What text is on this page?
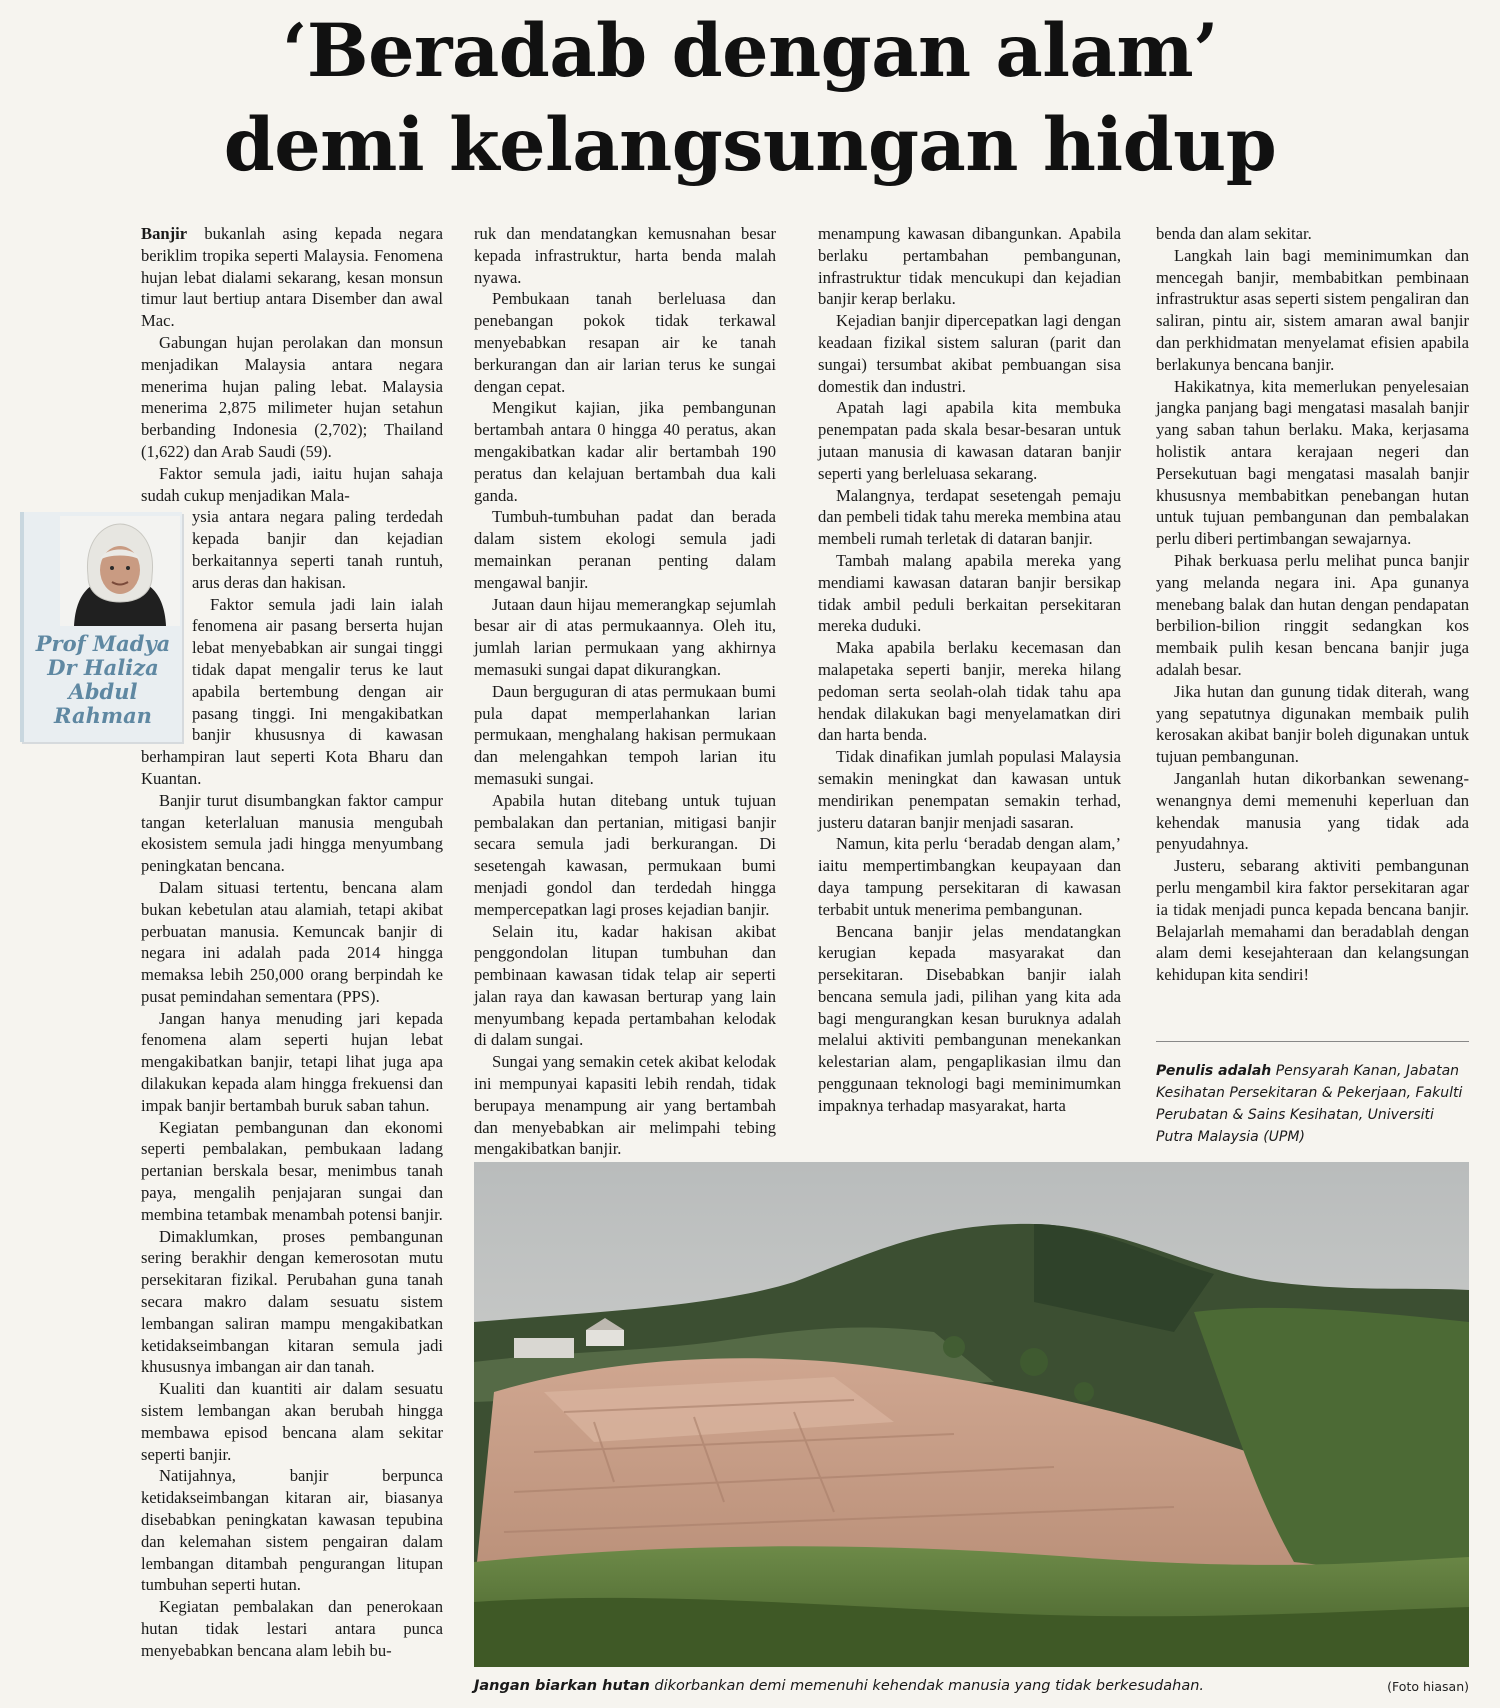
‘Beradab dengan alam’
demi kelangsungan hidup

Banjir bukanlah asing kepada negara beriklim tropika seperti Malaysia. Fenomena hujan lebat dialami sekarang, kesan monsun timur laut bertiup antara Disember dan awal Mac.

Gabungan hujan perolakan dan monsun menjadikan Malaysia antara negara menerima hujan paling lebat. Malaysia menerima 2,875 milimeter hujan setahun berbanding Indonesia (2,702); Thailand (1,622) dan Arab Saudi (59).

Faktor semula jadi, iaitu hujan sahaja sudah cukup menjadikan Mala-

Prof Madya
Dr Haliza
Abdul
Rahman

ysia antara negara paling terdedah kepada banjir dan kejadian berkaitannya seperti tanah runtuh, arus deras dan hakisan.

Faktor semula jadi lain ialah fenomena air pasang berserta hujan lebat menyebabkan air sungai tinggi tidak dapat mengalir terus ke laut apabila bertembung dengan air pasang tinggi. Ini mengakibatkan banjir khususnya di kawasan berhampiran laut seperti Kota Bharu dan Kuantan.

Banjir turut disumbangkan faktor campur tangan keterlaluan manusia mengubah ekosistem semula jadi hingga menyumbang peningkatan bencana.

Dalam situasi tertentu, bencana alam bukan kebetulan atau alamiah, tetapi akibat perbuatan manusia. Kemuncak banjir di negara ini adalah pada 2014 hingga memaksa lebih 250,000 orang berpindah ke pusat pemindahan sementara (PPS).

Jangan hanya menuding jari kepada fenomena alam seperti hujan lebat mengakibatkan banjir, tetapi lihat juga apa dilakukan kepada alam hingga frekuensi dan impak banjir bertambah buruk saban tahun.

Kegiatan pembangunan dan ekonomi seperti pembalakan, pembukaan ladang pertanian berskala besar, menimbus tanah paya, mengalih penjajaran sungai dan membina tetambak menambah potensi banjir.

Dimaklumkan, proses pembangunan sering berakhir dengan kemerosotan mutu persekitaran fizikal. Perubahan guna tanah secara makro dalam sesuatu sistem lembangan saliran mampu mengakibatkan ketidakseimbangan kitaran semula jadi khususnya imbangan air dan tanah.

Kualiti dan kuantiti air dalam sesuatu sistem lembangan akan berubah hingga membawa episod bencana alam sekitar seperti banjir.

Natijahnya, banjir berpunca ketidakseimbangan kitaran air, biasanya disebabkan peningkatan kawasan tepubina dan kelemahan sistem pengairan dalam lembangan ditambah pengurangan litupan tumbuhan seperti hutan.

Kegiatan pembalakan dan penerokaan hutan tidak lestari antara punca menyebabkan bencana alam lebih bu-

ruk dan mendatangkan kemusnahan besar kepada infrastruktur, harta benda malah nyawa.

Pembukaan tanah berleluasa dan penebangan pokok tidak terkawal menyebabkan resapan air ke tanah berkurangan dan air larian terus ke sungai dengan cepat.

Mengikut kajian, jika pembangunan bertambah antara 0 hingga 40 peratus, akan mengakibatkan kadar alir bertambah 190 peratus dan kelajuan bertambah dua kali ganda.

Tumbuh-tumbuhan padat dan berada dalam sistem ekologi semula jadi memainkan peranan penting dalam mengawal banjir.

Jutaan daun hijau memerangkap sejumlah besar air di atas permukaannya. Oleh itu, jumlah larian permukaan yang akhirnya memasuki sungai dapat dikurangkan.

Daun berguguran di atas permukaan bumi pula dapat memperlahankan larian permukaan, menghalang hakisan permukaan dan melengahkan tempoh larian itu memasuki sungai.

Apabila hutan ditebang untuk tujuan pembalakan dan pertanian, mitigasi banjir secara semula jadi berkurangan. Di sesetengah kawasan, permukaan bumi menjadi gondol dan terdedah hingga mempercepatkan lagi proses kejadian banjir.

Selain itu, kadar hakisan akibat penggondolan litupan tumbuhan dan pembinaan kawasan tidak telap air seperti jalan raya dan kawasan berturap yang lain menyumbang kepada pertambahan kelodak di dalam sungai.

Sungai yang semakin cetek akibat kelodak ini mempunyai kapasiti lebih rendah, tidak berupaya menampung air yang bertambah dan menyebabkan air melimpahi tebing mengakibatkan banjir.

menampung kawasan dibangunkan. Apabila berlaku pertambahan pembangunan, infrastruktur tidak mencukupi dan kejadian banjir kerap berlaku.

Kejadian banjir dipercepatkan lagi dengan keadaan fizikal sistem saluran (parit dan sungai) tersumbat akibat pembuangan sisa domestik dan industri.

Apatah lagi apabila kita membuka penempatan pada skala besar-besaran untuk jutaan manusia di kawasan dataran banjir seperti yang berleluasa sekarang.

Malangnya, terdapat sesetengah pemaju dan pembeli tidak tahu mereka membina atau membeli rumah terletak di dataran banjir.

Tambah malang apabila mereka yang mendiami kawasan dataran banjir bersikap tidak ambil peduli berkaitan persekitaran mereka duduki.

Maka apabila berlaku kecemasan dan malapetaka seperti banjir, mereka hilang pedoman serta seolah-olah tidak tahu apa hendak dilakukan bagi menyelamatkan diri dan harta benda.

Tidak dinafikan jumlah populasi Malaysia semakin meningkat dan kawasan untuk mendirikan penempatan semakin terhad, justeru dataran banjir menjadi sasaran.

Namun, kita perlu ‘beradab dengan alam,’ iaitu mempertimbangkan keupayaan dan daya tampung persekitaran di kawasan terbabit untuk menerima pembangunan.

Bencana banjir jelas mendatangkan kerugian kepada masyarakat dan persekitaran. Disebabkan banjir ialah bencana semula jadi, pilihan yang kita ada bagi mengurangkan kesan buruknya adalah melalui aktiviti pembangunan menekankan kelestarian alam, pengaplikasian ilmu dan penggunaan teknologi bagi meminimumkan impaknya terhadap masyarakat, harta

benda dan alam sekitar.

Langkah lain bagi meminimumkan dan mencegah banjir, membabitkan pembinaan infrastruktur asas seperti sistem pengaliran dan saliran, pintu air, sistem amaran awal banjir dan perkhidmatan menyelamat efisien apabila berlakunya bencana banjir.

Hakikatnya, kita memerlukan penyelesaian jangka panjang bagi mengatasi masalah banjir yang saban tahun berlaku. Maka, kerjasama holistik antara kerajaan negeri dan Persekutuan bagi mengatasi masalah banjir khususnya membabitkan penebangan hutan untuk tujuan pembangunan dan pembalakan perlu diberi pertimbangan sewajarnya.

Pihak berkuasa perlu melihat punca banjir yang melanda negara ini. Apa gunanya menebang balak dan hutan dengan pendapatan berbilion-bilion ringgit sedangkan kos membaik pulih kesan bencana banjir juga adalah besar.

Jika hutan dan gunung tidak diterah, wang yang sepatutnya digunakan membaik pulih kerosakan akibat banjir boleh digunakan untuk tujuan pembangunan.

Janganlah hutan dikorbankan sewenang-wenangnya demi memenuhi keperluan dan kehendak manusia yang tidak ada penyudahnya.

Justeru, sebarang aktiviti pembangunan perlu mengambil kira faktor persekitaran agar ia tidak menjadi punca kepada bencana banjir. Belajarlah memahami dan beradablah dengan alam demi kesejahteraan dan kelangsungan kehidupan kita sendiri!

Penulis adalah Pensyarah Kanan, Jabatan Kesihatan Persekitaran & Pekerjaan, Fakulti Perubatan & Sains Kesihatan, Universiti Putra Malaysia (UPM)
Jangan biarkan hutan dikorbankan demi memenuhi kehendak manusia yang tidak berkesudahan.	(Foto hiasan)
